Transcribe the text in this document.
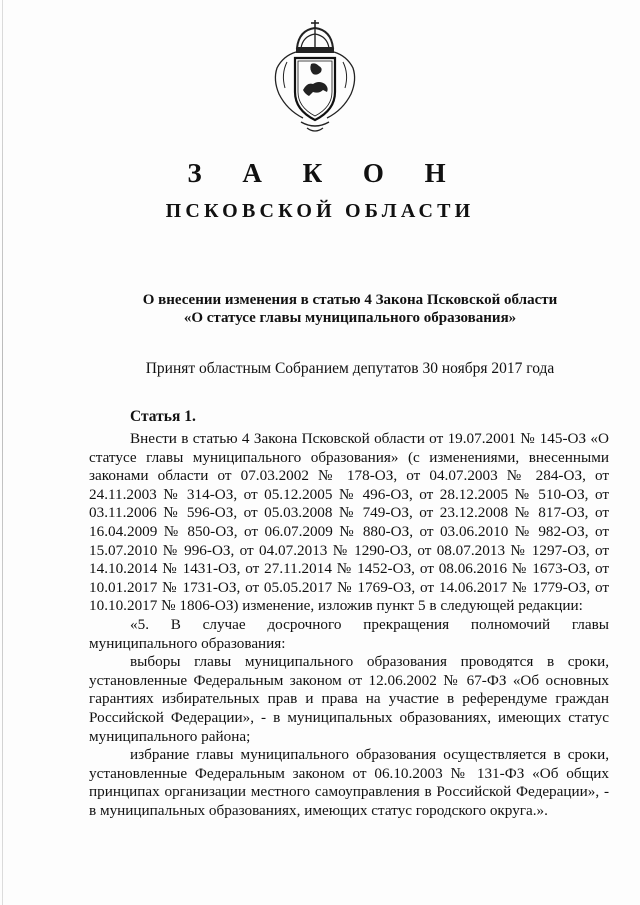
З А К О Н
ПСКОВСКОЙ ОБЛАСТИ
О внесении изменения в статью 4 Закона Псковской области
«О статусе главы муниципального образования»
Принят областным Собранием депутатов 30 ноября 2017 года
Статья 1.

Внести в статью 4 Закона Псковской области от 19.07.2001 № 145-ОЗ «О статусе главы муниципального образования» (с изменениями, внесенными законами области от 07.03.2002 № 178-ОЗ, от 04.07.2003 № 284-ОЗ, от 24.11.2003 № 314-ОЗ, от 05.12.2005 № 496-ОЗ, от 28.12.2005 № 510-ОЗ, от 03.11.2006 № 596-ОЗ, от 05.03.2008 № 749-ОЗ, от 23.12.2008 № 817-ОЗ, от 16.04.2009 № 850-ОЗ, от 06.07.2009 № 880-ОЗ, от 03.06.2010 № 982-ОЗ, от 15.07.2010 № 996-ОЗ, от 04.07.2013 № 1290-ОЗ, от 08.07.2013 № 1297-ОЗ, от 14.10.2014 № 1431-ОЗ, от 27.11.2014 № 1452-ОЗ, от 08.06.2016 № 1673-ОЗ, от 10.01.2017 № 1731-ОЗ, от 05.05.2017 № 1769-ОЗ, от 14.06.2017 № 1779-ОЗ, от 10.10.2017 № 1806-ОЗ) изменение, изложив пункт 5 в следующей редакции:

«5. В случае досрочного прекращения полномочий главы муниципального образования:

выборы главы муниципального образования проводятся в сроки, установленные Федеральным законом от 12.06.2002 № 67-ФЗ «Об основных гарантиях избирательных прав и права на участие в референдуме граждан Российской Федерации», - в муниципальных образованиях, имеющих статус муниципального района;

избрание главы муниципального образования осуществляется в сроки, установленные Федеральным законом от 06.10.2003 № 131-ФЗ «Об общих принципах организации местного самоуправления в Российской Федерации», - в муниципальных образованиях, имеющих статус городского округа.».
